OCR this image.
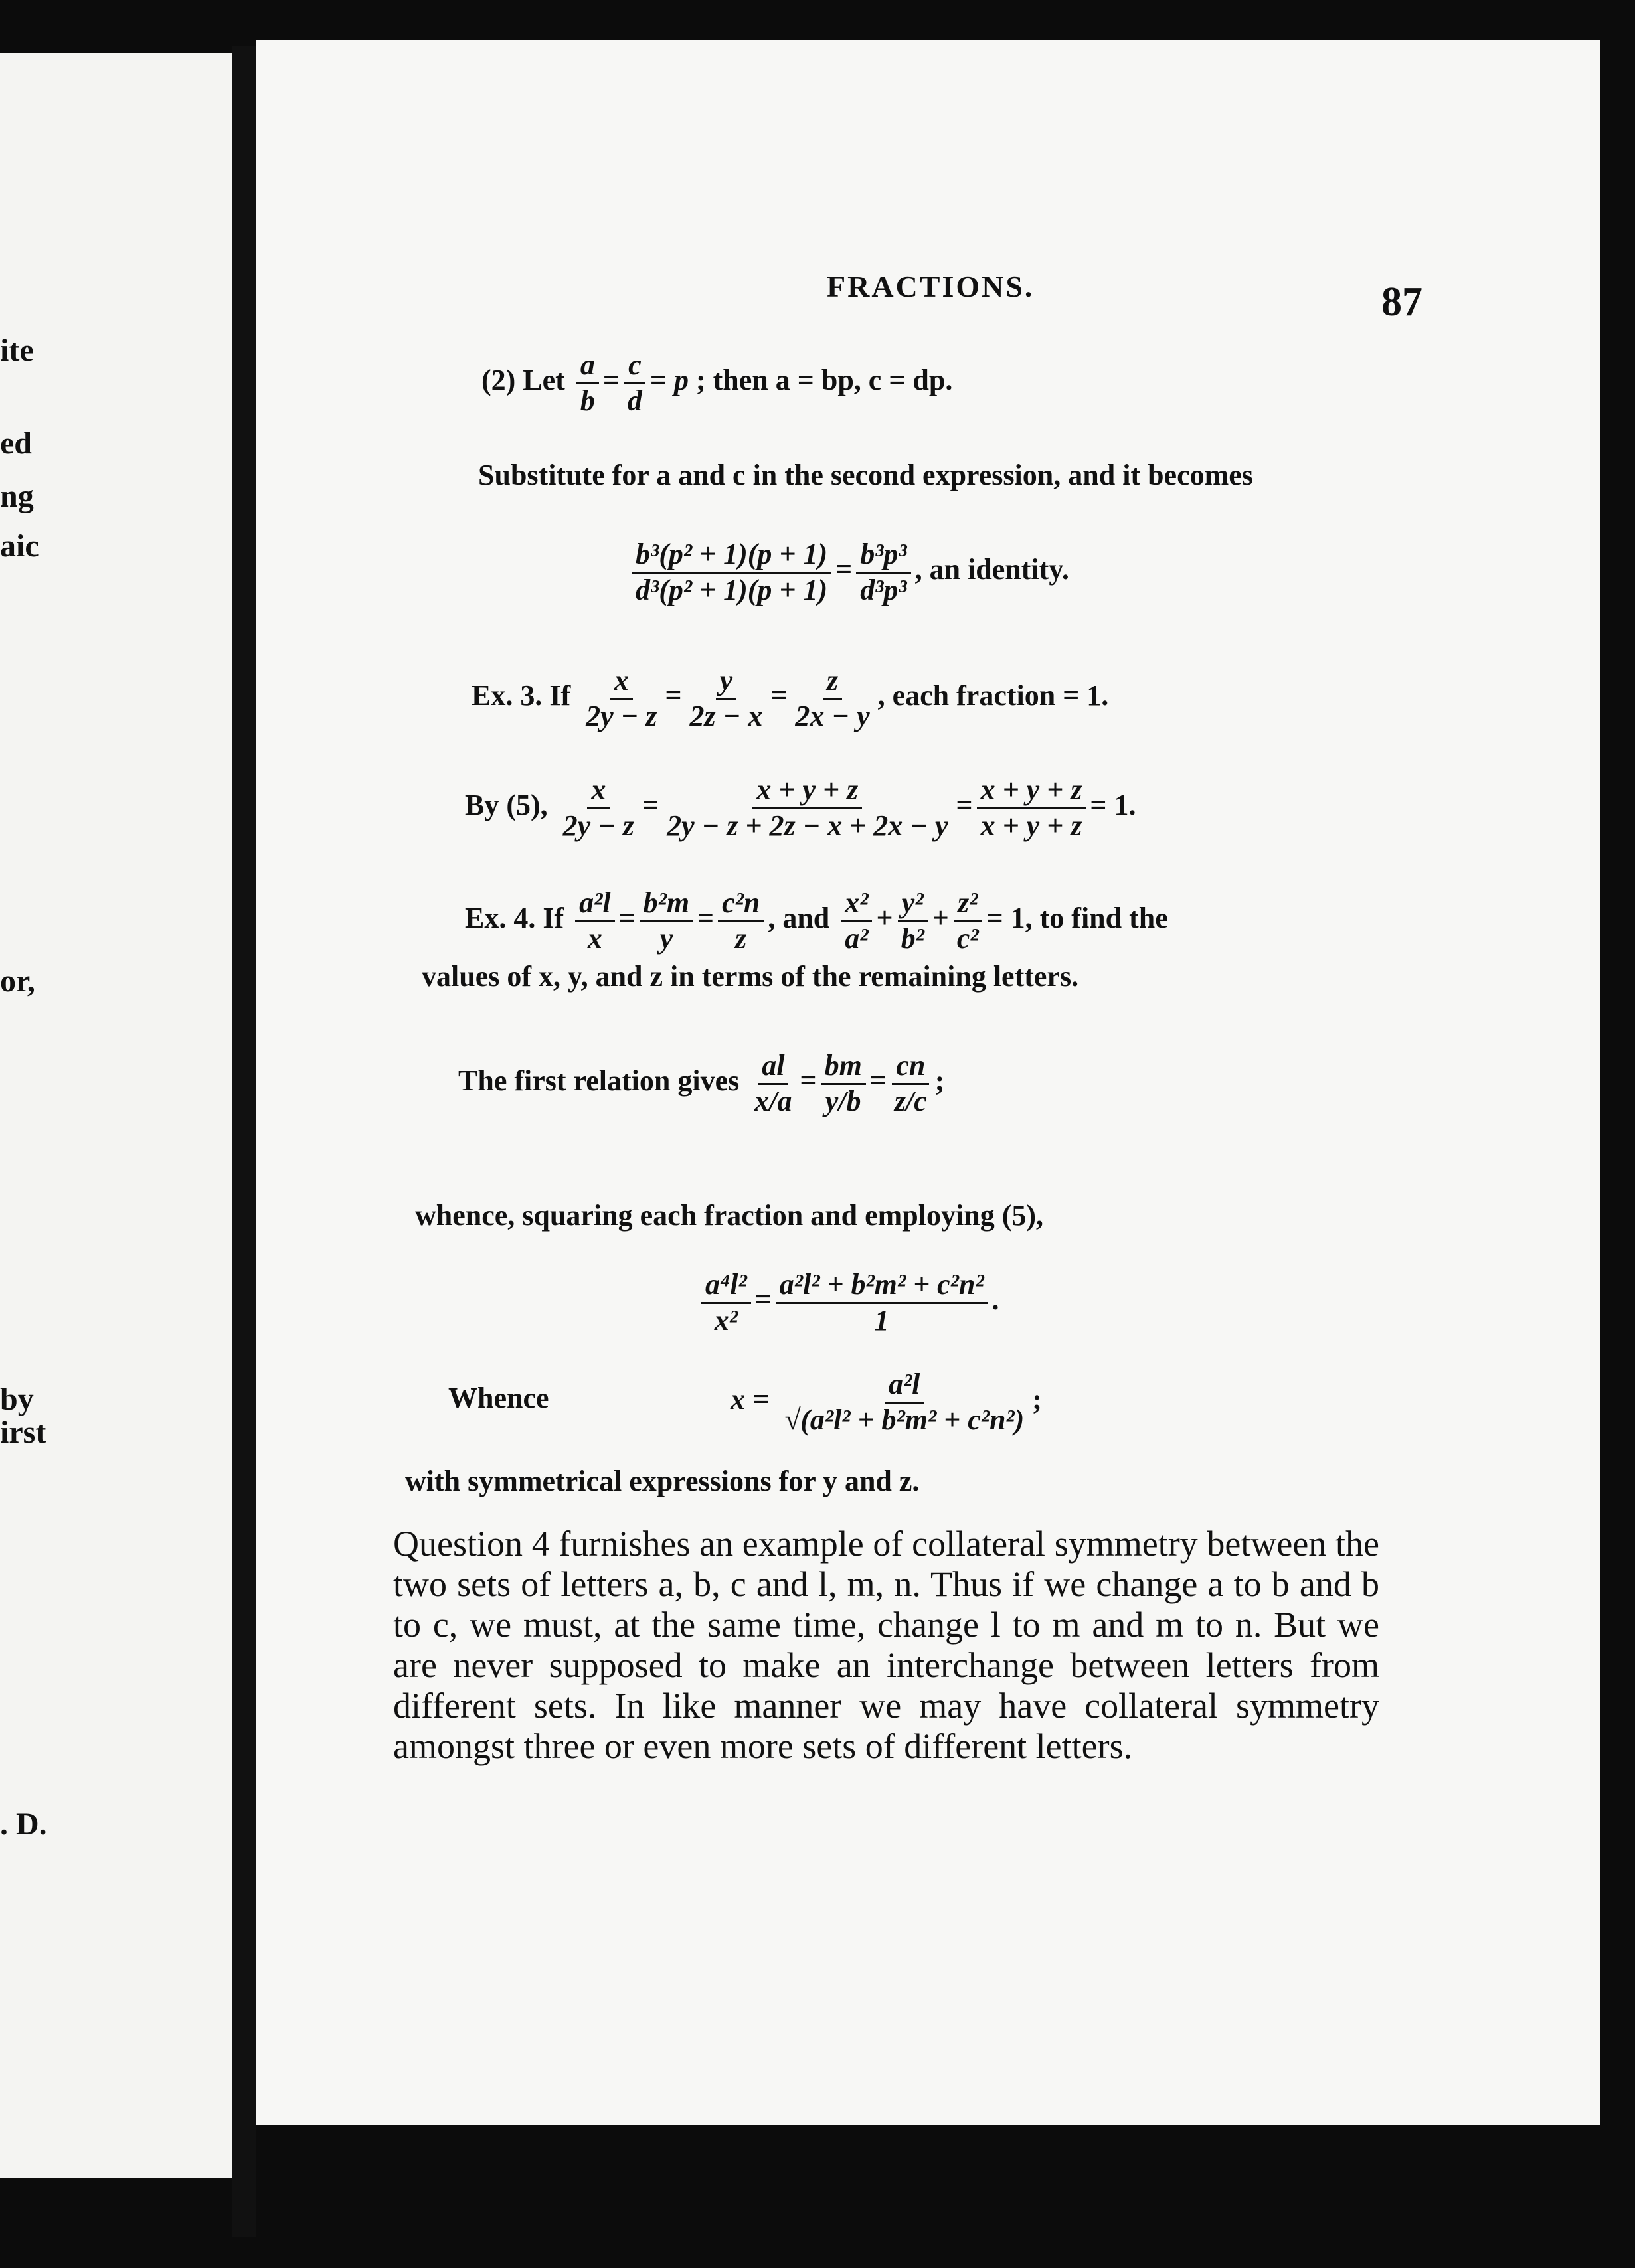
ite
ed
ng
aic
or,
by
irst
. D.
FRACTIONS.	87
(2) Let $\frac{a}{b} = \frac{c}{d} = p$ ; then a = bp, c = dp.
Substitute for a and c in the second expression, and it becomes
$\frac{\text{b³(p² + 1)(p + 1)}}{\text{d³(p² + 1)(p + 1)}} = \frac{\text{b³p³}}{\text{d³p³}}$ , an identity.
Ex. 3. If $\frac{x}{2y - z} = \frac{y}{2z - x} = \frac{z}{2x - y}$ , each fraction = 1.
By (5), $\frac{x}{2y - z} = \frac{x + y + z}{2y - z + 2z - x + 2x - y} = \frac{x + y + z}{x + y + z} = 1$.
Ex. 4. If $\frac{\text{a²l}}{x} = \frac{\text{b²m}}{y} = \frac{\text{c²n}}{z}$ , and $\frac{\text{x²}}{\text{a²}} + \frac{\text{y²}}{\text{b²}} + \frac{\text{z²}}{\text{c²}} = 1$, to find the
values of x, y, and z in terms of the remaining letters.
The first relation gives $\frac{al}{x/a} = \frac{bm}{y/b} = \frac{cn}{z/c}$ ;
whence, squaring each fraction and employing (5),
$\frac{\text{a⁴l²}}{\text{x²}} = \frac{\text{a²l² + b²m² + c²n²}}{1}$ .
Whence	$x = \frac{\text{a²l}}{\text{√(a²l² + b²m² + c²n²)}}$ ;
with symmetrical expressions for y and z.

Question 4 furnishes an example of collateral symmetry between the two sets of letters a, b, c and l, m, n. Thus if we change a to b and b to c, we must, at the same time, change l to m and m to n. But we are never supposed to make an interchange between letters from different sets. In like manner we may have collateral symmetry amongst three or even more sets of different letters.
